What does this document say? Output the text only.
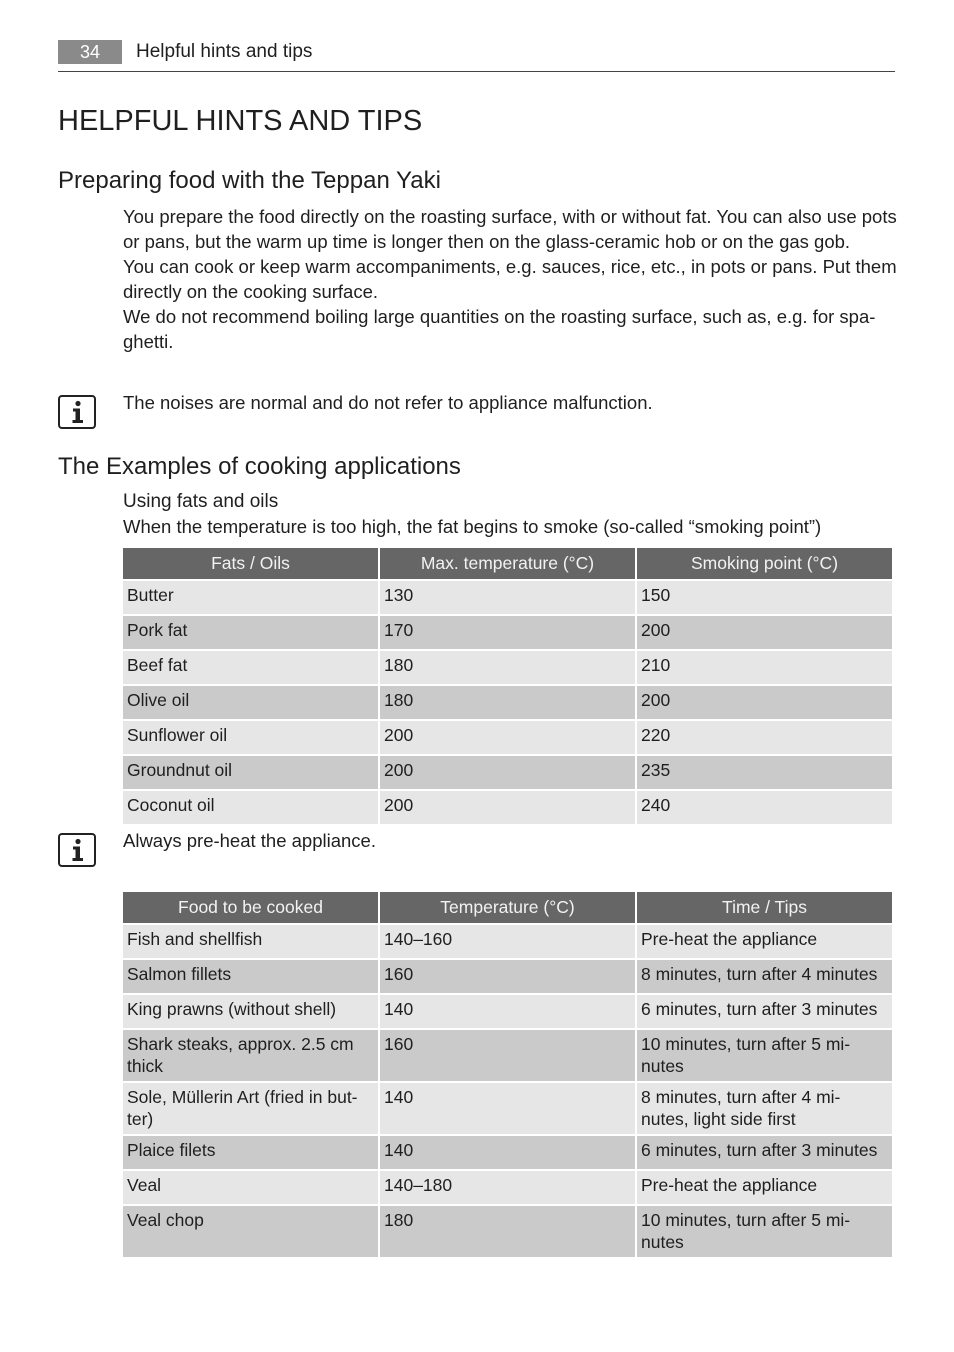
34	Helpful hints and tips
HELPFUL HINTS AND TIPS
Preparing food with the Teppan Yaki

You prepare the food directly on the roasting surface, with or without fat. You can also use pots or pans, but the warm up time is longer then on the glass-ceramic hob or on the gas gob.

You can cook or keep warm accompaniments, e.g. sauces, rice, etc., in pots or pans. Put them directly on the cooking surface.

We do not recommend boiling large quantities on the roasting surface, such as, e.g. for spa-ghetti.

The noises are normal and do not refer to appliance malfunction.
The Examples of cooking applications
Using fats and oils
When the temperature is too high, the fat begins to smoke (so-called “smoking point”)
Fats / Oils	Max. temperature (°C)	Smoking point (°C)
Butter	130	150
Pork fat	170	200
Beef fat	180	210
Olive oil	180	200
Sunflower oil	200	220
Groundnut oil	200	235
Coconut oil	200	240
Always pre-heat the appliance.
Food to be cooked	Temperature (°C)	Time / Tips
Fish and shellfish	140–160	Pre-heat the appliance
Salmon fillets	160	8 minutes, turn after 4 minutes
King prawns (without shell)	140	6 minutes, turn after 3 minutes
Shark steaks, approx. 2.5 cm thick	160	10 minutes, turn after 5 mi-nutes
Sole, Müllerin Art (fried in but-ter)	140	8 minutes, turn after 4 mi-nutes, light side first
Plaice filets	140	6 minutes, turn after 3 minutes
Veal	140–180	Pre-heat the appliance
Veal chop	180	10 minutes, turn after 5 mi-nutes
